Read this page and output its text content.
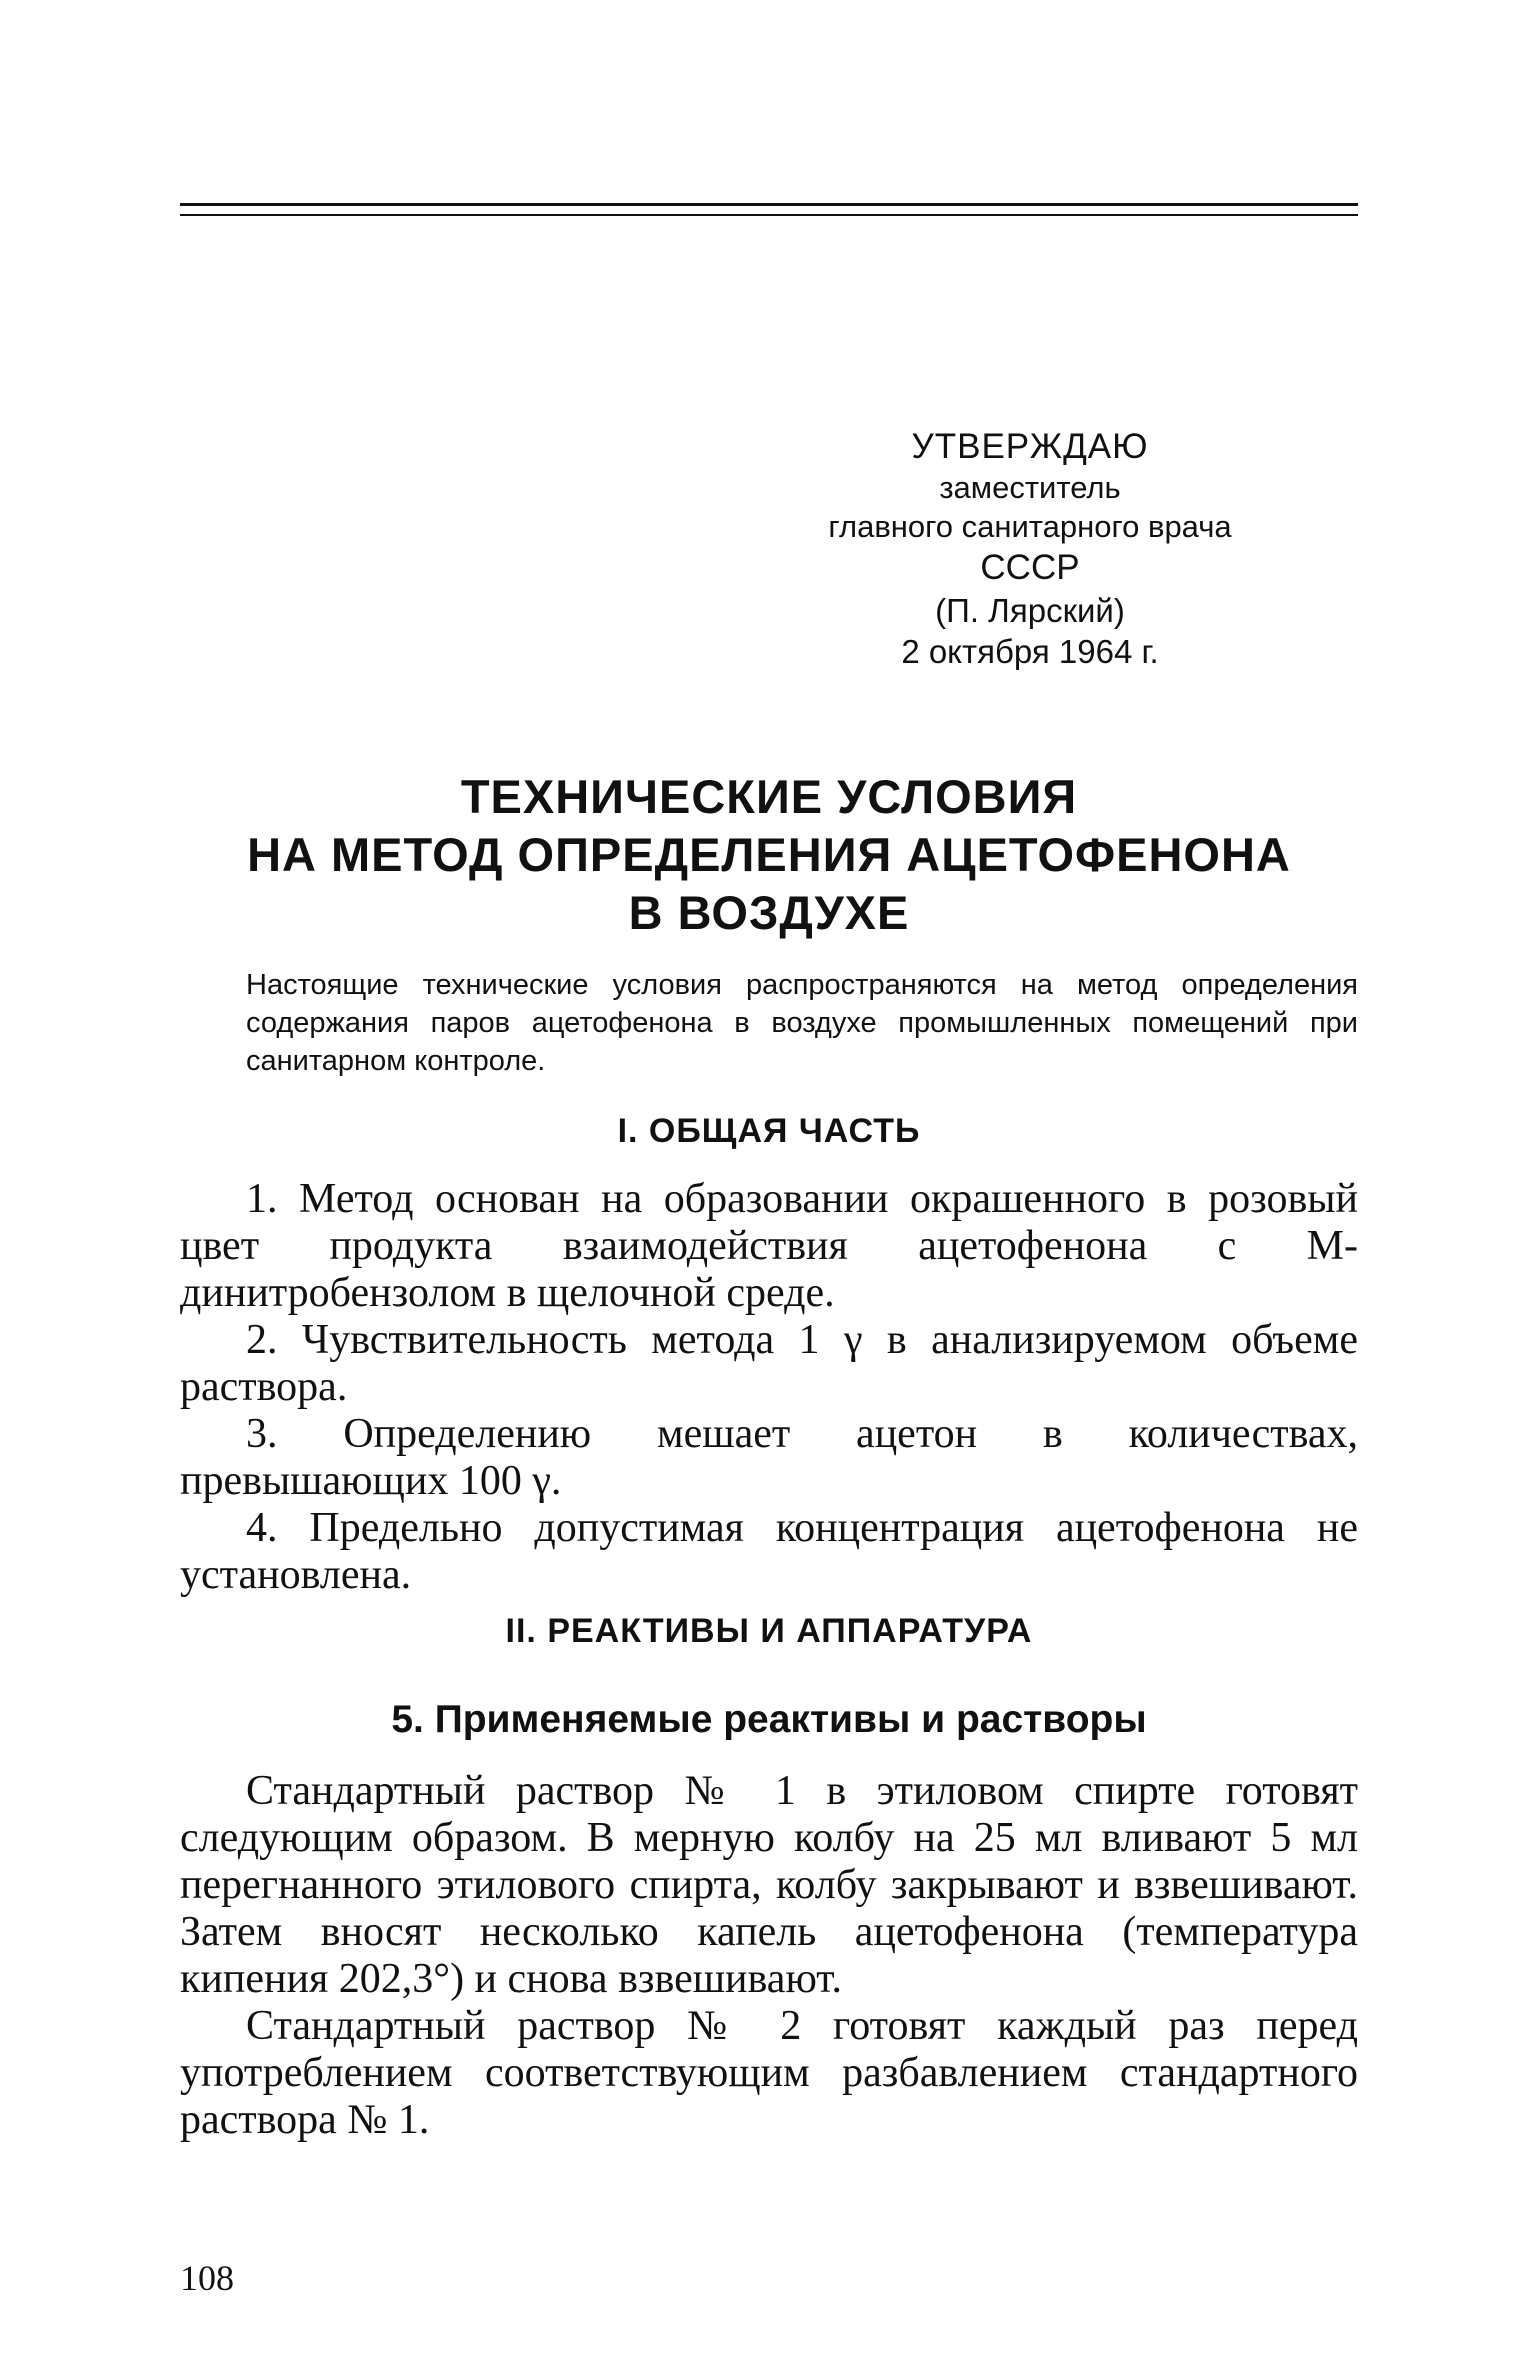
УТВЕРЖДАЮ
заместитель
главного санитарного врача
СССР
(П. Лярский)
2 октября 1964 г.
ТЕХНИЧЕСКИЕ УСЛОВИЯ
НА МЕТОД ОПРЕДЕЛЕНИЯ АЦЕТОФЕНОНА
В ВОЗДУХЕ
Настоящие технические условия распространяются на метод определения содержания паров ацетофенона в воздухе промышленных помещений при санитарном контроле.
I. ОБЩАЯ ЧАСТЬ

1. Метод основан на образовании окрашенного в розовый цвет продукта взаимодействия ацетофенона с М-динитробензолом в щелочной среде.

2. Чувствительность метода 1 γ в анализируемом объеме раствора.

3. Определению мешает ацетон в количествах, превышающих 100 γ.

4. Предельно допустимая концентрация ацетофенона не установлена.

II. РЕАКТИВЫ И АППАРАТУРА
5. Применяемые реактивы и растворы

Стандартный раствор № 1 в этиловом спирте готовят следующим образом. В мерную колбу на 25 мл вливают 5 мл перегнанного этилового спирта, колбу закрывают и взвешивают. Затем вносят несколько капель ацетофенона (температура кипения 202,3°) и снова взвешивают.

Стандартный раствор № 2 готовят каждый раз перед употреблением соответствующим разбавлением стандартного раствора № 1.

108
